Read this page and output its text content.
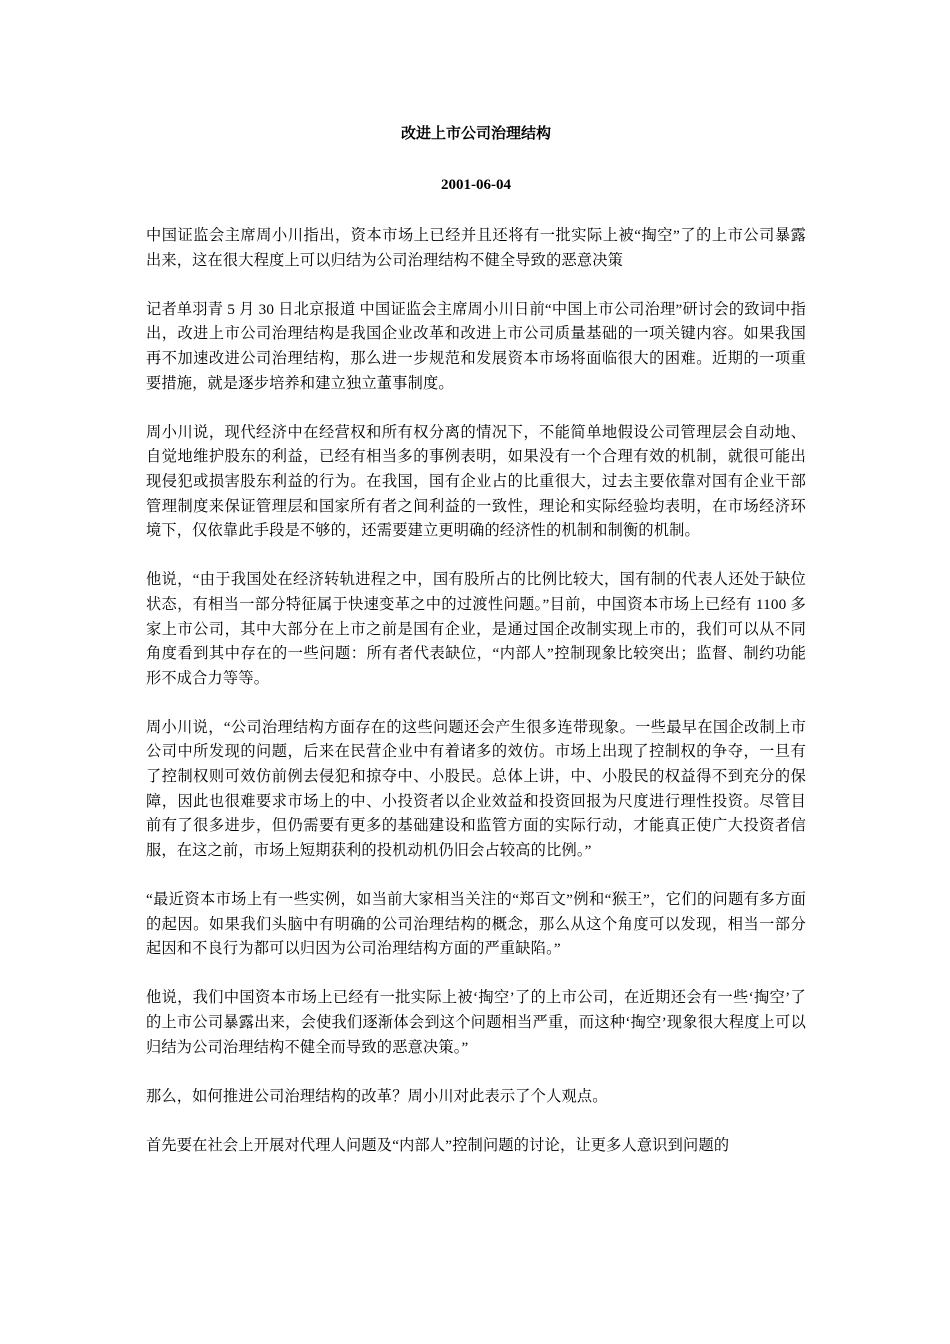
改进上市公司治理结构
2001-06-04

中国证监会主席周小川指出，资本市场上已经并且还将有一批实际上被“掏空”了的上市公司暴露出来，这在很大程度上可以归结为公司治理结构不健全导致的恶意决策

记者单羽青 5 月 30 日北京报道 中国证监会主席周小川日前“中国上市公司治理”研讨会的致词中指出，改进上市公司治理结构是我国企业改革和改进上市公司质量基础的一项关键内容。如果我国再不加速改进公司治理结构，那么进一步规范和发展资本市场将面临很大的困难。近期的一项重要措施，就是逐步培养和建立独立董事制度。

周小川说，现代经济中在经营权和所有权分离的情况下，不能简单地假设公司管理层会自动地、自觉地维护股东的利益，已经有相当多的事例表明，如果没有一个合理有效的机制，就很可能出现侵犯或损害股东利益的行为。在我国，国有企业占的比重很大，过去主要依靠对国有企业干部管理制度来保证管理层和国家所有者之间利益的一致性，理论和实际经验均表明，在市场经济环境下，仅依靠此手段是不够的，还需要建立更明确的经济性的机制和制衡的机制。

他说，“由于我国处在经济转轨进程之中，国有股所占的比例比较大，国有制的代表人还处于缺位状态，有相当一部分特征属于快速变革之中的过渡性问题。”目前，中国资本市场上已经有 1100 多家上市公司，其中大部分在上市之前是国有企业，是通过国企改制实现上市的，我们可以从不同角度看到其中存在的一些问题：所有者代表缺位，“内部人”控制现象比较突出；监督、制约功能形不成合力等等。

周小川说，“公司治理结构方面存在的这些问题还会产生很多连带现象。一些最早在国企改制上市公司中所发现的问题，后来在民营企业中有着诸多的效仿。市场上出现了控制权的争夺，一旦有了控制权则可效仿前例去侵犯和掠夺中、小股民。总体上讲，中、小股民的权益得不到充分的保障，因此也很难要求市场上的中、小投资者以企业效益和投资回报为尺度进行理性投资。尽管目前有了很多进步，但仍需要有更多的基础建设和监管方面的实际行动，才能真正使广大投资者信服，在这之前，市场上短期获利的投机动机仍旧会占较高的比例。”

“最近资本市场上有一些实例，如当前大家相当关注的“郑百文”例和“猴王”，它们的问题有多方面的起因。如果我们头脑中有明确的公司治理结构的概念，那么从这个角度可以发现，相当一部分起因和不良行为都可以归因为公司治理结构方面的严重缺陷。”

他说，我们中国资本市场上已经有一批实际上被‘掏空’了的上市公司，在近期还会有一些‘掏空’了的上市公司暴露出来，会使我们逐渐体会到这个问题相当严重，而这种‘掏空’现象很大程度上可以归结为公司治理结构不健全而导致的恶意决策。”

那么，如何推进公司治理结构的改革？周小川对此表示了个人观点。

首先要在社会上开展对代理人问题及“内部人”控制问题的讨论，让更多人意识到问题的
